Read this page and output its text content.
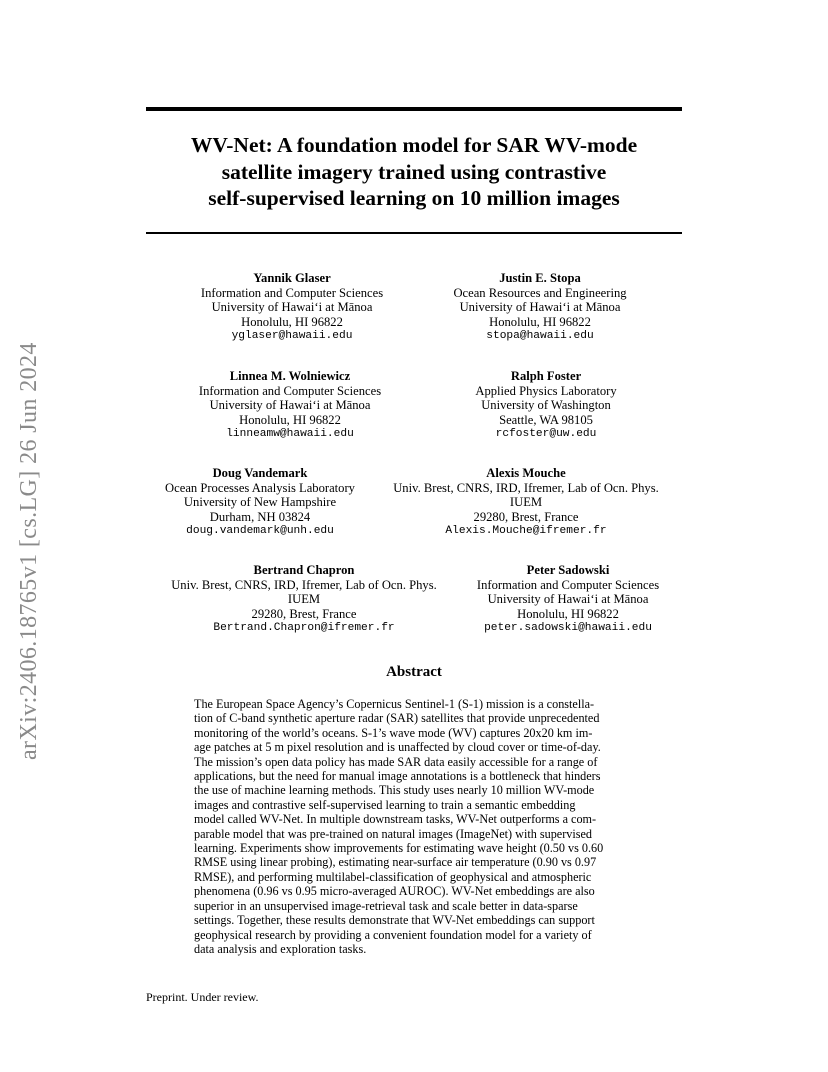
arXiv:2406.18765v1 [cs.LG] 26 Jun 2024
WV-Net: A foundation model for SAR WV-mode
satellite imagery trained using contrastive
self-supervised learning on 10 million images
Yannik Glaser
Information and Computer Sciences
University of Hawaiʻi at Mānoa
Honolulu, HI 96822
yglaser@hawaii.edu
Justin E. Stopa
Ocean Resources and Engineering
University of Hawaiʻi at Mānoa
Honolulu, HI 96822
stopa@hawaii.edu
Linnea M. Wolniewicz
Information and Computer Sciences
University of Hawaiʻi at Mānoa
Honolulu, HI 96822
linneamw@hawaii.edu
Ralph Foster
Applied Physics Laboratory
University of Washington
Seattle, WA 98105
rcfoster@uw.edu
Doug Vandemark
Ocean Processes Analysis Laboratory
University of New Hampshire
Durham, NH 03824
doug.vandemark@unh.edu
Alexis Mouche
Univ. Brest, CNRS, IRD, Ifremer, Lab of Ocn. Phys.
IUEM
29280, Brest, France
Alexis.Mouche@ifremer.fr
Bertrand Chapron
Univ. Brest, CNRS, IRD, Ifremer, Lab of Ocn. Phys.
IUEM
29280, Brest, France
Bertrand.Chapron@ifremer.fr
Peter Sadowski
Information and Computer Sciences
University of Hawaiʻi at Mānoa
Honolulu, HI 96822
peter.sadowski@hawaii.edu
Abstract
The European Space Agency’s Copernicus Sentinel-1 (S-1) mission is a constella-
tion of C-band synthetic aperture radar (SAR) satellites that provide unprecedented
monitoring of the world’s oceans. S-1’s wave mode (WV) captures 20x20 km im-
age patches at 5 m pixel resolution and is unaffected by cloud cover or time-of-day.
The mission’s open data policy has made SAR data easily accessible for a range of
applications, but the need for manual image annotations is a bottleneck that hinders
the use of machine learning methods. This study uses nearly 10 million WV-mode
images and contrastive self-supervised learning to train a semantic embedding
model called WV-Net. In multiple downstream tasks, WV-Net outperforms a com-
parable model that was pre-trained on natural images (ImageNet) with supervised
learning. Experiments show improvements for estimating wave height (0.50 vs 0.60
RMSE using linear probing), estimating near-surface air temperature (0.90 vs 0.97
RMSE), and performing multilabel-classification of geophysical and atmospheric
phenomena (0.96 vs 0.95 micro-averaged AUROC). WV-Net embeddings are also
superior in an unsupervised image-retrieval task and scale better in data-sparse
settings. Together, these results demonstrate that WV-Net embeddings can support
geophysical research by providing a convenient foundation model for a variety of
data analysis and exploration tasks.
Preprint. Under review.
